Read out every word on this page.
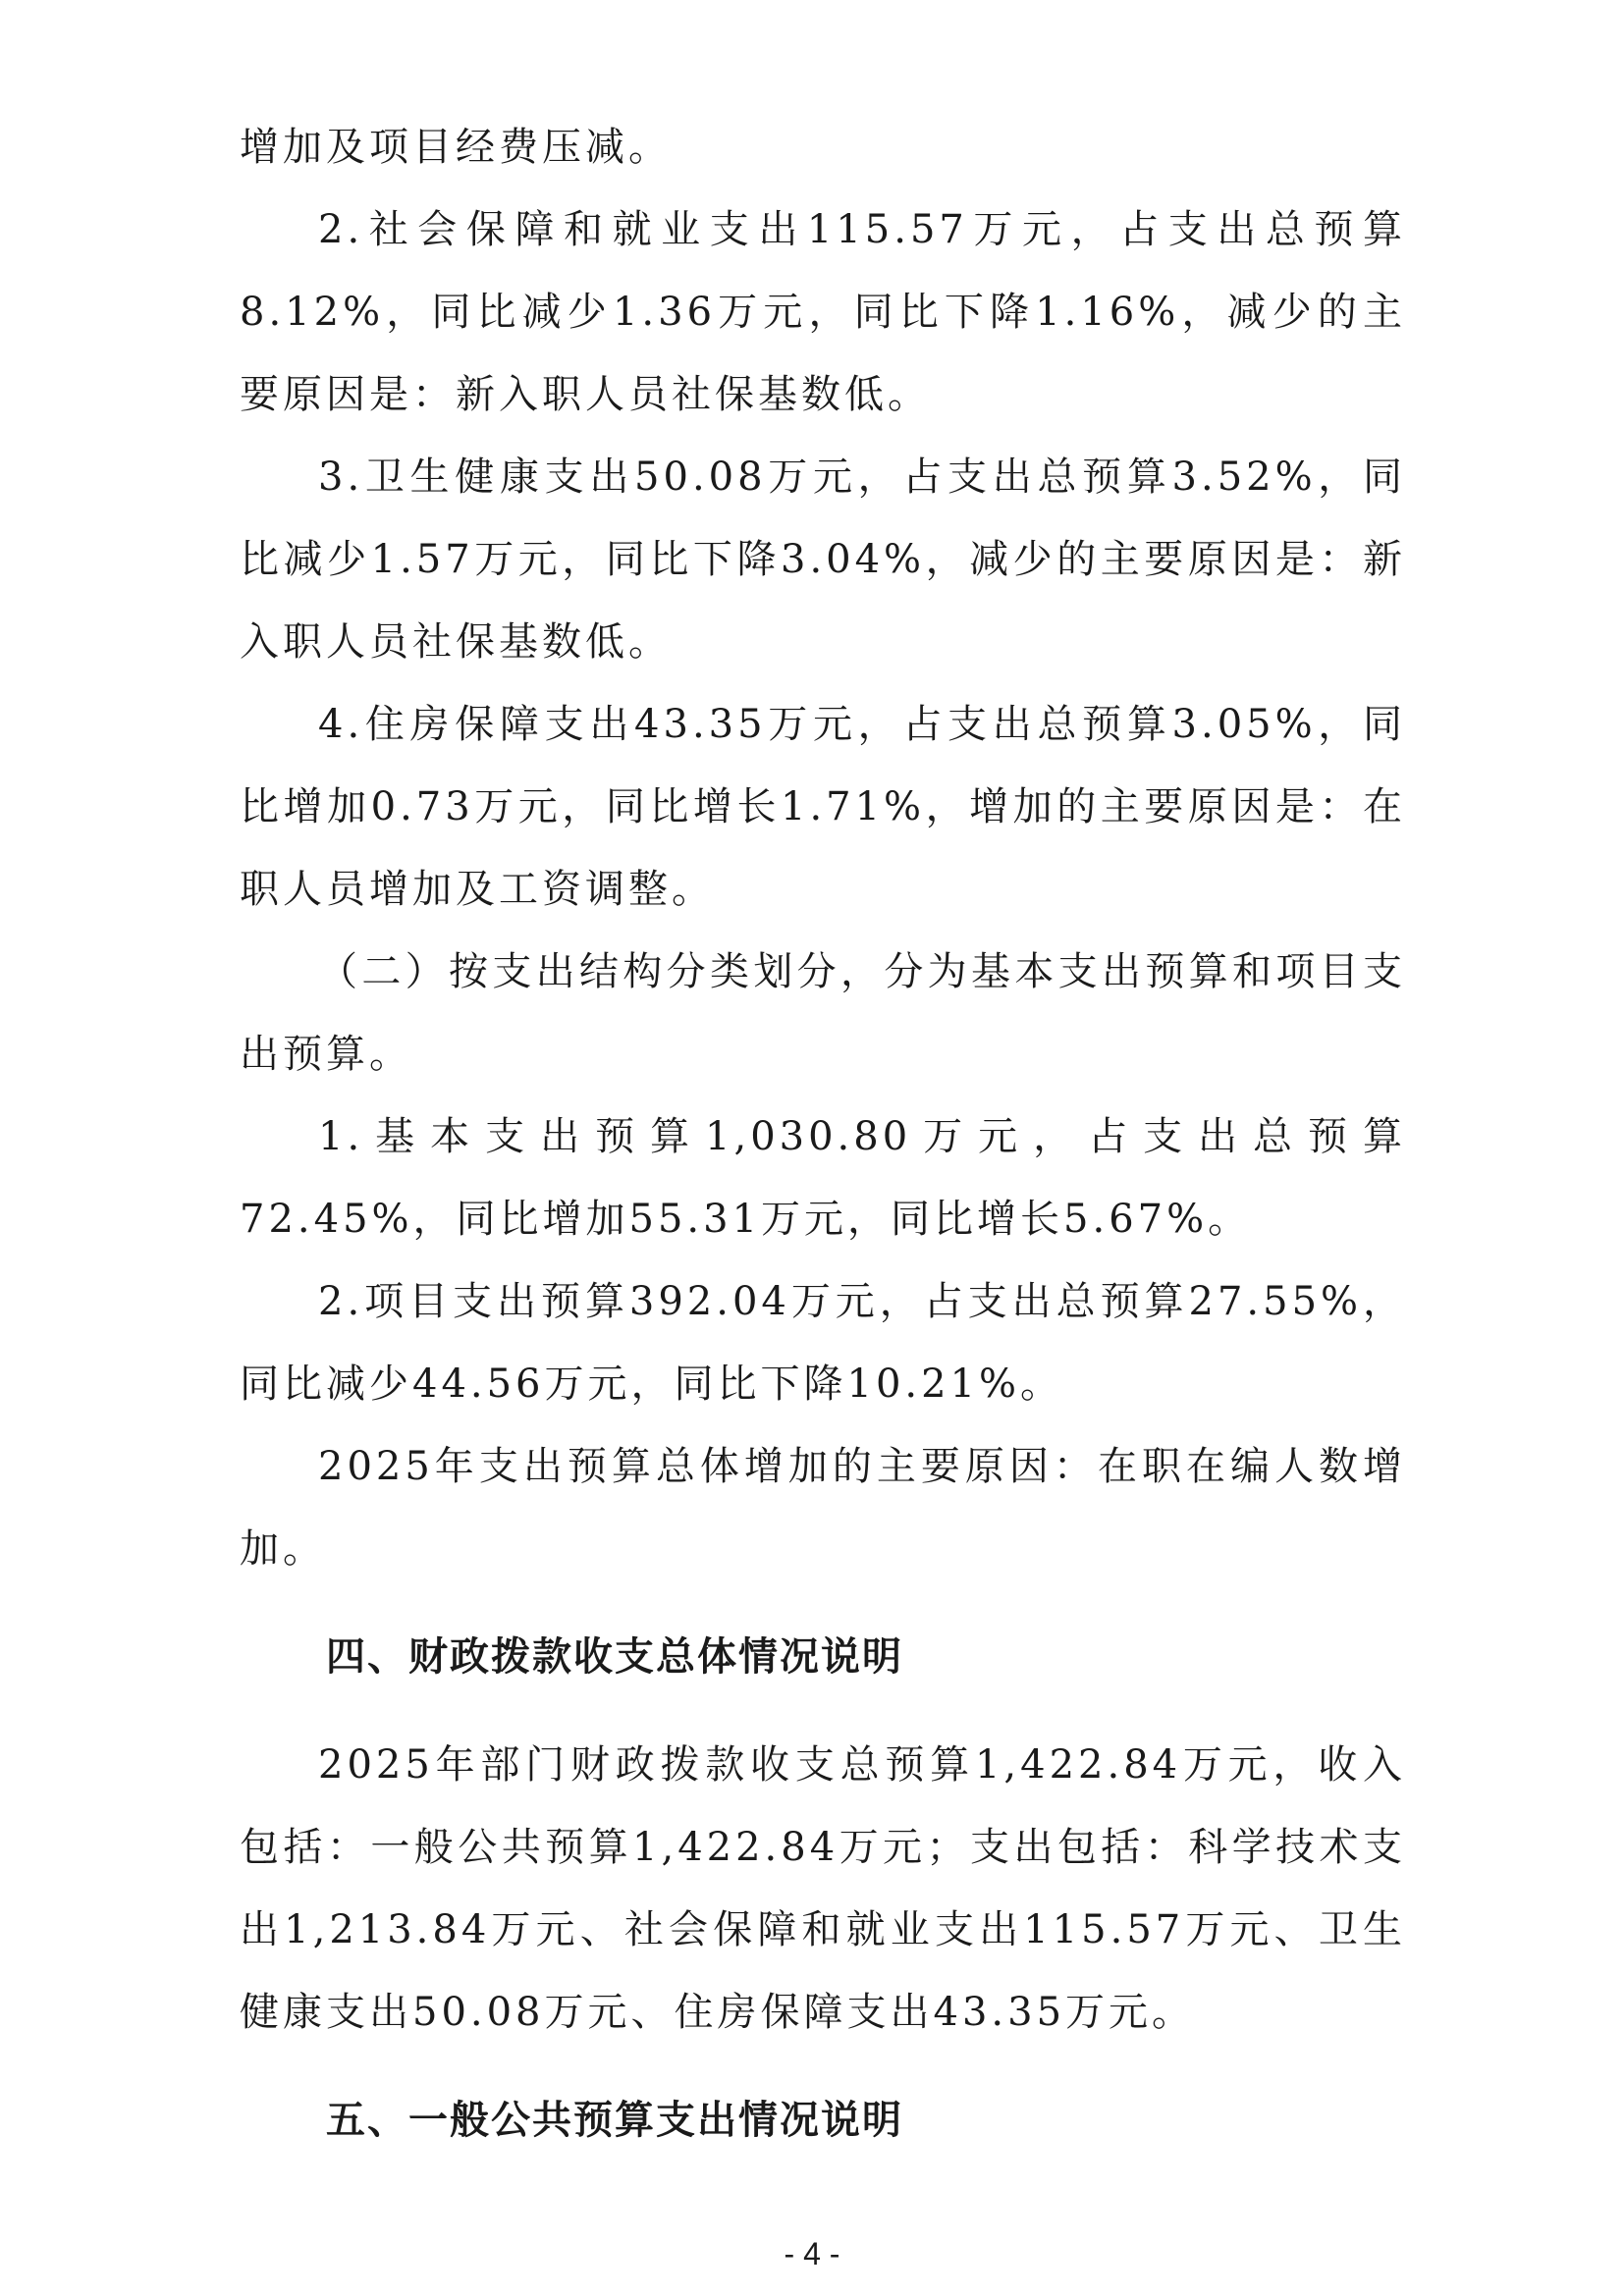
增加及项目经费压减。

2.社会保障和就业支出115.57万元，占支出总预算8.12%，同比减少1.36万元，同比下降1.16%，减少的主要原因是：新入职人员社保基数低。

3.卫生健康支出50.08万元，占支出总预算3.52%，同比减少1.57万元，同比下降3.04%，减少的主要原因是：新入职人员社保基数低。

4.住房保障支出43.35万元，占支出总预算3.05%，同比增加0.73万元，同比增长1.71%，增加的主要原因是：在职人员增加及工资调整。

（二）按支出结构分类划分，分为基本支出预算和项目支出预算。

1.基本支出预算1,030.80万元，占支出总预算72.45%，同比增加55.31万元，同比增长5.67%。

2.项目支出预算392.04万元，占支出总预算27.55%，同比减少44.56万元，同比下降10.21%。

2025年支出预算总体增加的主要原因：在职在编人数增加。

四、财政拨款收支总体情况说明

2025年部门财政拨款收支总预算1,422.84万元，收入包括：一般公共预算1,422.84万元；支出包括：科学技术支出1,213.84万元、社会保障和就业支出115.57万元、卫生健康支出50.08万元、住房保障支出43.35万元。

五、一般公共预算支出情况说明
- 4 -
